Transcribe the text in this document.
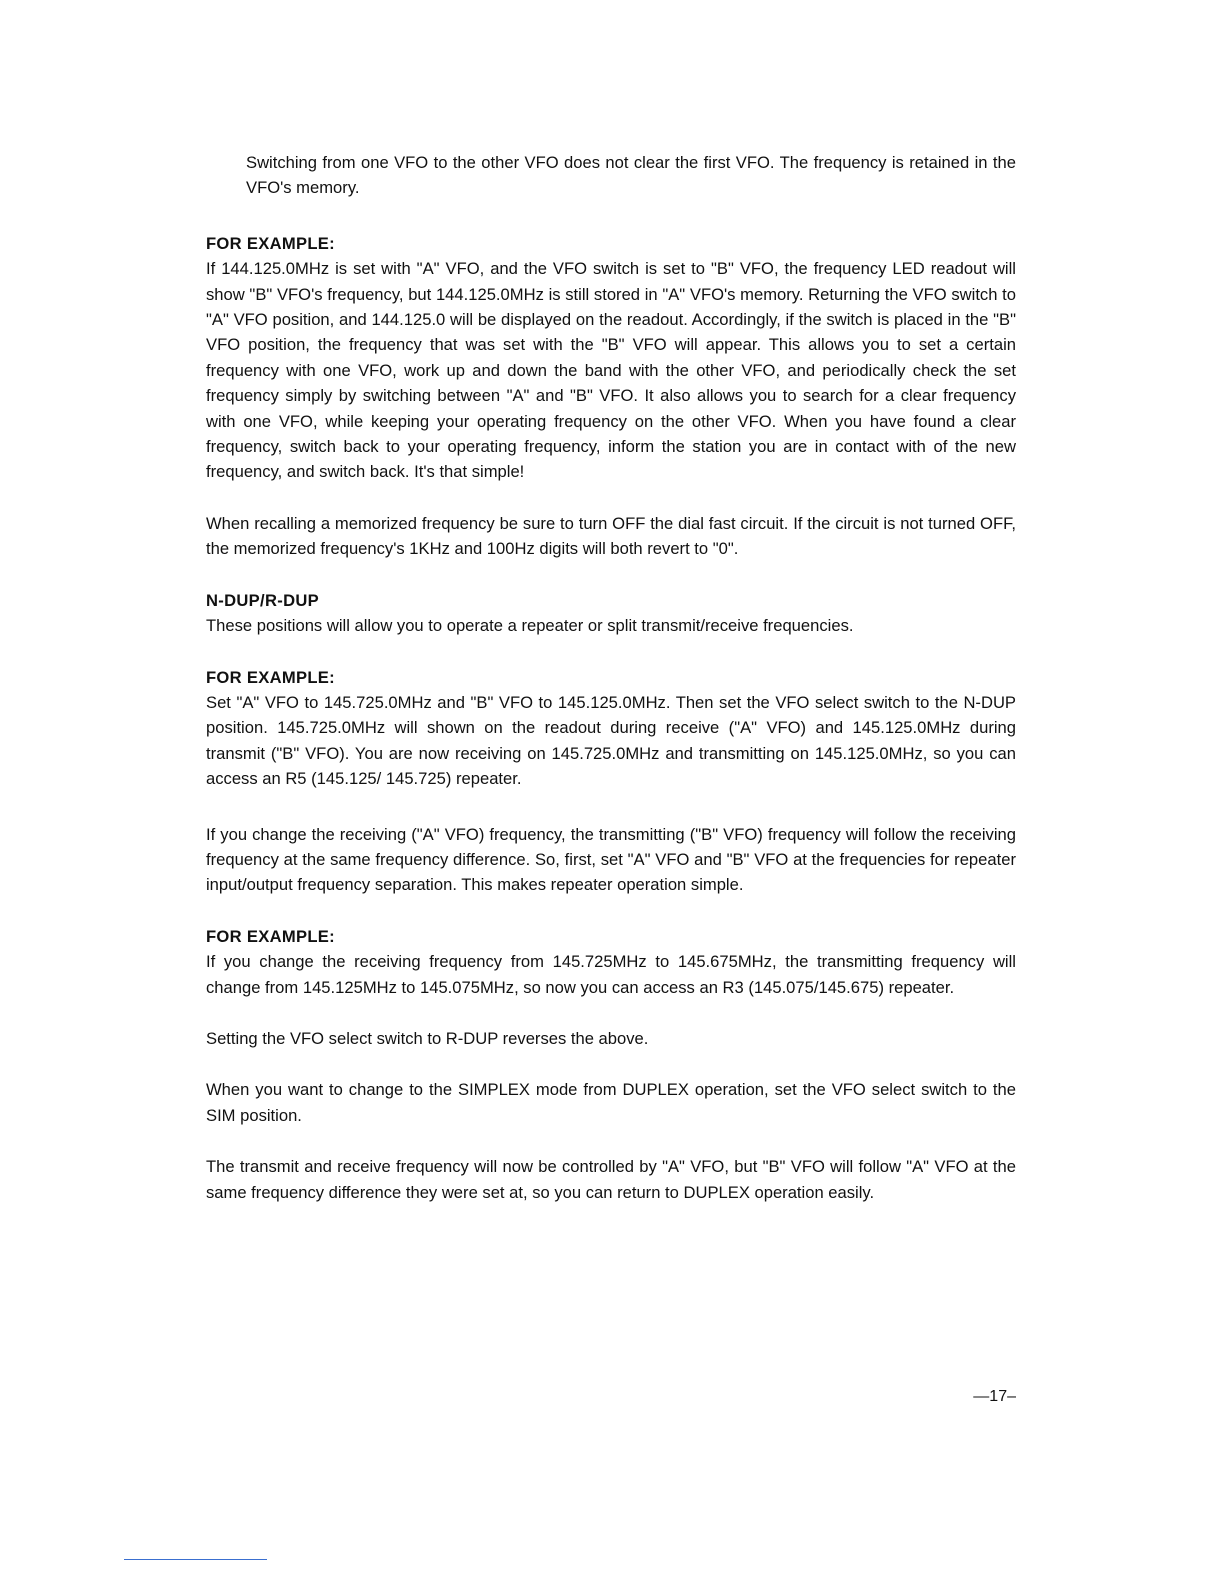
Switching from one VFO to the other VFO does not clear the first VFO. The frequency is retained in the VFO's memory.

FOR EXAMPLE:

If 144.125.0MHz is set with "A" VFO, and the VFO switch is set to "B" VFO, the frequency LED readout will show "B" VFO's frequency, but 144.125.0MHz is still stored in "A" VFO's memory. Returning the VFO switch to "A" VFO position, and 144.125.0 will be displayed on the readout. Accordingly, if the switch is placed in the "B" VFO position, the frequency that was set with the "B" VFO will appear. This allows you to set a certain frequency with one VFO, work up and down the band with the other VFO, and periodically check the set frequency simply by switching between "A" and "B" VFO. It also allows you to search for a clear frequency with one VFO, while keeping your operating frequency on the other VFO. When you have found a clear frequency, switch back to your operating frequency, inform the station you are in contact with of the new frequency, and switch back. It's that simple!

When recalling a memorized frequency be sure to turn OFF the dial fast circuit. If the circuit is not turned OFF, the memorized frequency's 1KHz and 100Hz digits will both revert to "0".

N-DUP/R-DUP

These positions will allow you to operate a repeater or split transmit/receive frequencies.

FOR EXAMPLE:

Set "A" VFO to 145.725.0MHz and "B" VFO to 145.125.0MHz. Then set the VFO select switch to the N-DUP position. 145.725.0MHz will shown on the readout during receive ("A" VFO) and 145.125.0MHz during transmit ("B" VFO). You are now receiving on 145.725.0MHz and transmitting on 145.125.0MHz, so you can access an R5 (145.125/ 145.725) repeater.

If you change the receiving ("A" VFO) frequency, the transmitting ("B" VFO) frequency will follow the receiving frequency at the same frequency difference. So, first, set "A" VFO and "B" VFO at the frequencies for repeater input/output frequency separation. This makes repeater operation simple.

FOR EXAMPLE:

If you change the receiving frequency from 145.725MHz to 145.675MHz, the transmitting frequency will change from 145.125MHz to 145.075MHz, so now you can access an R3 (145.075/145.675) repeater.

Setting the VFO select switch to R-DUP reverses the above.

When you want to change to the SIMPLEX mode from DUPLEX operation, set the VFO select switch to the SIM position.

The transmit and receive frequency will now be controlled by "A" VFO, but "B" VFO will follow "A" VFO at the same frequency difference they were set at, so you can return to DUPLEX operation easily.

—17–
